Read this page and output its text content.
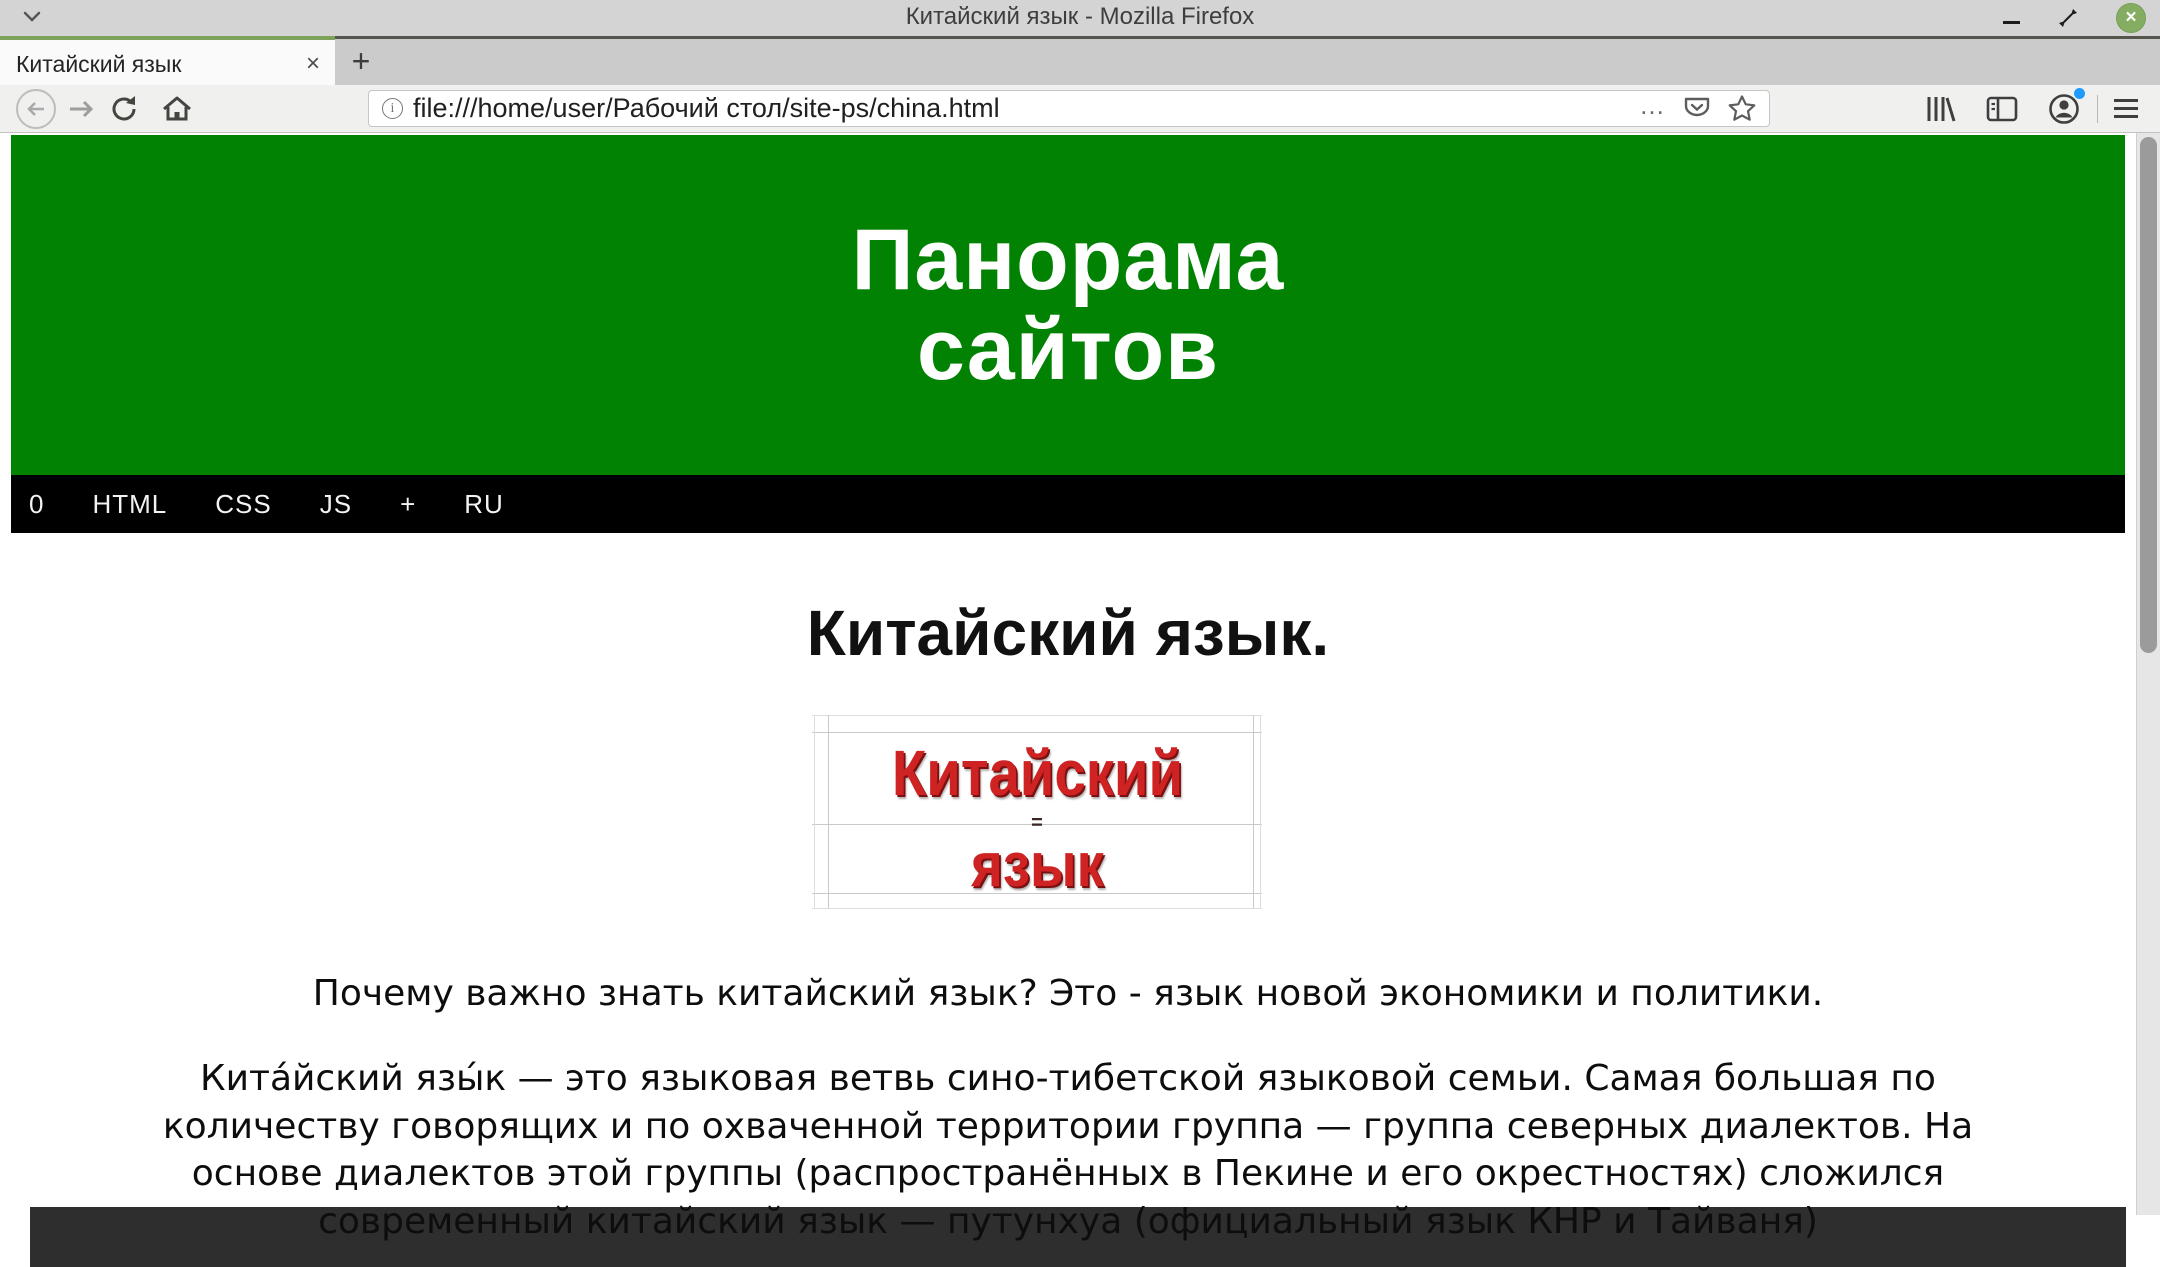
Китайский язык - Mozilla Firefox	×
Китайский язык	× +
i file:///home/user/Рабочий стол/site-ps/china.html	…
Панорама
сайтов
0 HTML CSS JS + RU
Китайский язык.
Китайский
=
язык
Почему важно знать китайский язык? Это - язык новой экономики и политики.
Кита́йский язы́к — это языковая ветвь сино-тибетской языковой семьи. Самая большая по
количеству говорящих и по охваченной территории группа — группа северных диалектов. На
основе диалектов этой группы (распространённых в Пекине и его окрестностях) сложился
современный китайский язык — путунхуа (официальный язык КНР и Тайваня)
